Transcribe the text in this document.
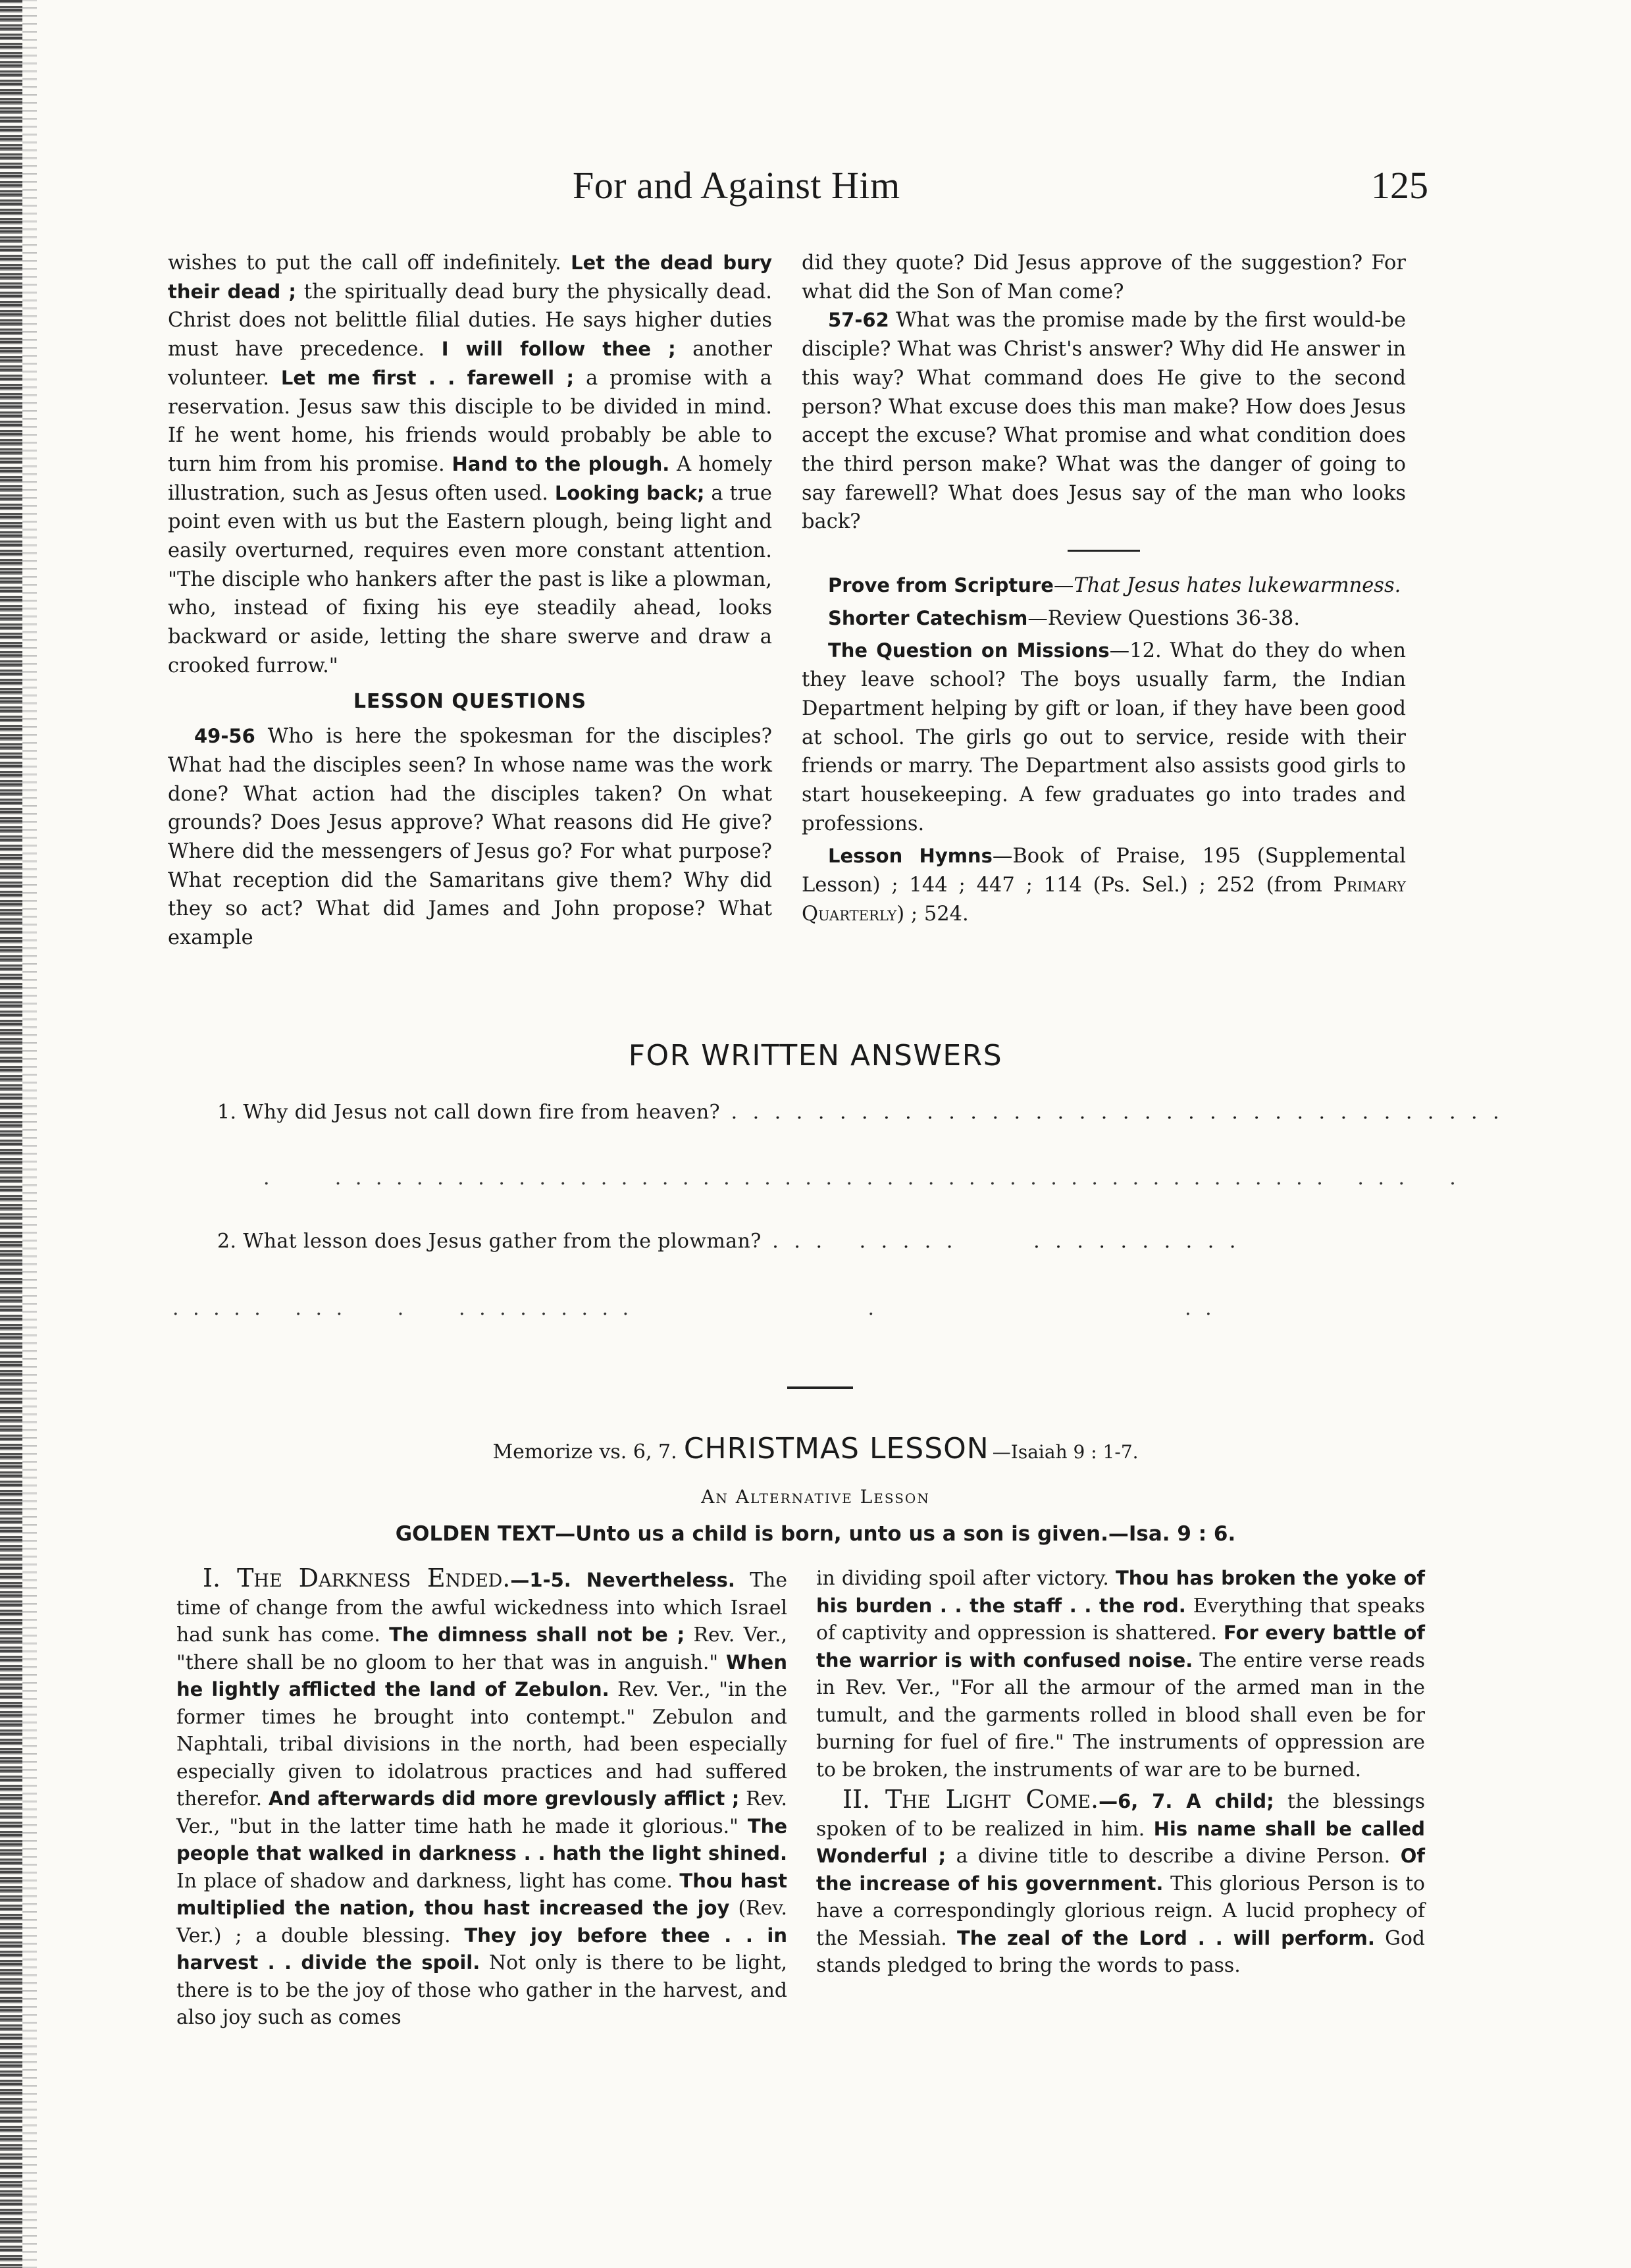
For and Against Him	125

wishes to put the call off indefinitely. Let the dead bury their dead ; the spiritually dead bury the physically dead. Christ does not belittle filial duties. He says higher duties must have precedence. I will follow thee ; another volunteer. Let me first . . farewell ; a promise with a reservation. Jesus saw this disciple to be divided in mind. If he went home, his friends would probably be able to turn him from his promise. Hand to the plough. A homely illustration, such as Jesus often used. Looking back; a true point even with us but the Eastern plough, being light and easily overturned, requires even more constant attention. "The disciple who hankers after the past is like a plowman, who, instead of fixing his eye steadily ahead, looks backward or aside, letting the share swerve and draw a crooked furrow."

LESSON QUESTIONS

49-56 Who is here the spokesman for the disciples? What had the disciples seen? In whose name was the work done? What action had the disciples taken? On what grounds? Does Jesus approve? What reasons did He give? Where did the messengers of Jesus go? For what purpose? What reception did the Samaritans give them? Why did they so act? What did James and John propose? What example

did they quote? Did Jesus approve of the suggestion? For what did the Son of Man come?

57-62 What was the promise made by the first would-be disciple? What was Christ's answer? Why did He answer in this way? What command does He give to the second person? What excuse does this man make? How does Jesus accept the excuse? What promise and what condition does the third person make? What was the danger of going to say farewell? What does Jesus say of the man who looks back?

Prove from Scripture—That Jesus hates lukewarmness.

Shorter Catechism—Review Questions 36-38.

The Question on Missions—12. What do they do when they leave school? The boys usually farm, the Indian Department helping by gift or loan, if they have been good at school. The girls go out to service, reside with their friends or marry. The Department also assists good girls to start housekeeping. A few graduates go into trades and professions.

Lesson Hymns—Book of Praise, 195 (Supplemental Lesson) ; 144 ; 447 ; 114 (Ps. Sel.) ; 252 (from Primary Quarterly) ; 524.

FOR WRITTEN ANSWERS
1. Why did Jesus not call down fire from heaven? . . . . . . . . . . . . . . . . . . . . . . . . . . . . . . . . . . . .
.      . . . . . . . . . . . . . . . . . . . . . . . . . . . . . . . . . . . . . . . . . . . . . . . . .   . . .    .
2. What lesson does Jesus gather from the plowman? . . .   . . . . .       . . . . . . . . . .
. . . . .   . . .     .     . . . . . . . . .                       .                              . .
Memorize vs. 6, 7. CHRISTMAS LESSON —Isaiah 9 : 1-7.
An Alternative Lesson
GOLDEN TEXT—Unto us a child is born, unto us a son is given.—Isa. 9 : 6.

I. The Darkness Ended.—1-5. Nevertheless. The time of change from the awful wickedness into which Israel had sunk has come. The dimness shall not be ; Rev. Ver., "there shall be no gloom to her that was in anguish." When he lightly afflicted the land of Zebulon. Rev. Ver., "in the former times he brought into contempt." Zebulon and Naphtali, tribal divisions in the north, had been especially especially given to idolatrous practices and had suffered therefor. And afterwards did more grevlously afflict ; Rev. Ver., "but in the latter time hath he made it glorious." The people that walked in darkness . . hath the light shined. In place of shadow and darkness, light has come. Thou hast multiplied the nation, thou hast increased the joy (Rev. Ver.) ; a double blessing. They joy before thee . . in harvest . . divide the spoil. Not only is there to be light, there is to be the joy of those who gather in the harvest, and also joy such as comes

in dividing spoil after victory. Thou has broken the yoke of his burden . . the staff . . the rod. Everything that speaks of captivity and oppression is shattered. For every battle of the warrior is with confused noise. The entire verse reads in Rev. Ver., "For all the armour of the armed man in the tumult, and the garments rolled in blood shall even be for burning for fuel of fire." The instruments of oppression are to be broken, the instruments of war are to be burned.

II. The Light Come.—6, 7. A child; the blessings spoken of to be realized in him. His name shall be called Wonderful ; a divine title to describe a divine Person. Of the increase of his government. This glorious Person is to have a correspondingly glorious reign. A lucid prophecy of the Messiah. The zeal of the Lord . . will perform. God stands pledged to bring the words to pass.
